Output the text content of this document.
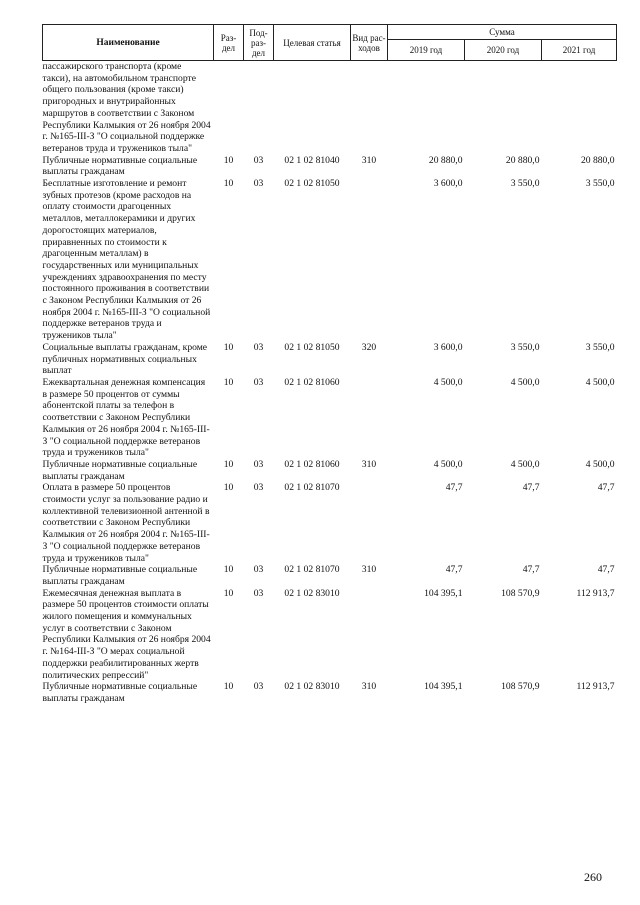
Наименование	Раз-дел	Под-раз-дел	Целевая статья	Вид рас-ходов	Сумма		
					2019 год	2020 год	2021 год
пассажирского транспорта (кроме такси), на автомобильном транспорте общего пользования (кроме такси) пригородных и внутрирайонных маршрутов в соответствии с Законом Республики Калмыкия от 26 ноября 2004 г. №165-III-З "О социальной поддержке ветеранов труда и тружеников тыла"							
Публичные нормативные социальные выплаты гражданам	10	03	02 1 02 81040	310	20 880,0	20 880,0	20 880,0
Бесплатные изготовление и ремонт зубных протезов (кроме расходов на оплату стоимости драгоценных металлов, металлокерамики и других дорогостоящих материалов, приравненных по стоимости к драгоценным металлам) в государственных или муниципальных учреждениях здравоохранения по месту постоянного проживания в соответствии с Законом Республики Калмыкия от 26 ноября 2004 г. №165-III-З "О социальной поддержке ветеранов труда и тружеников тыла"	10	03	02 1 02 81050		3 600,0	3 550,0	3 550,0
Социальные выплаты гражданам, кроме публичных нормативных социальных выплат	10	03	02 1 02 81050	320	3 600,0	3 550,0	3 550,0
Ежеквартальная денежная компенсация в размере 50 процентов от суммы абонентской платы за телефон в соответствии с Законом Республики Калмыкия от 26 ноября 2004 г. №165-III-З "О социальной поддержке ветеранов труда и тружеников тыла"	10	03	02 1 02 81060		4 500,0	4 500,0	4 500,0
Публичные нормативные социальные выплаты гражданам	10	03	02 1 02 81060	310	4 500,0	4 500,0	4 500,0
Оплата в размере 50 процентов стоимости услуг за пользование радио и коллективной телевизионной антенной в соответствии с Законом Республики Калмыкия от 26 ноября 2004 г. №165-III-З "О социальной поддержке ветеранов труда и тружеников тыла"	10	03	02 1 02 81070		47,7	47,7	47,7
Публичные нормативные социальные выплаты гражданам	10	03	02 1 02 81070	310	47,7	47,7	47,7
Ежемесячная денежная выплата в размере 50 процентов стоимости оплаты жилого помещения и коммунальных услуг в соответствии с Законом Республики Калмыкия от 26 ноября 2004 г. №164-III-З "О мерах социальной поддержки реабилитированных жертв политических репрессий"	10	03	02 1 02 83010		104 395,1	108 570,9	112 913,7
Публичные нормативные социальные выплаты гражданам	10	03	02 1 02 83010	310	104 395,1	108 570,9	112 913,7
260
